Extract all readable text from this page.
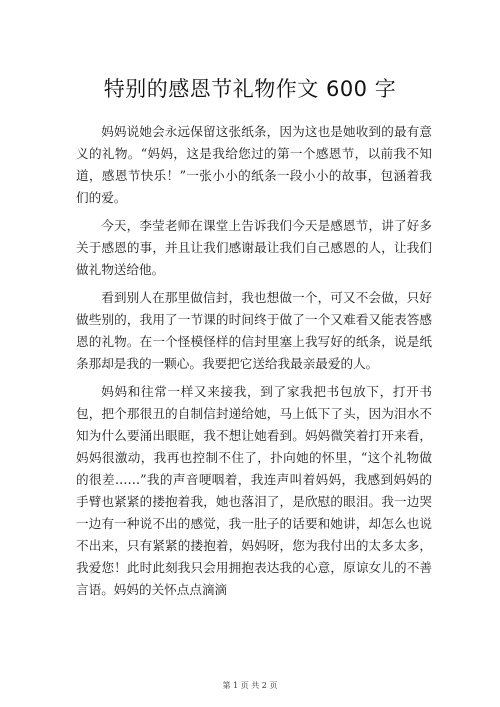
特别的感恩节礼物作文 600 字

妈妈说她会永远保留这张纸条，因为这也是她收到的最有意义的礼物。“妈妈，这是我给您过的第一个感恩节，以前我不知道，感恩节快乐！”一张小小的纸条一段小小的故事，包涵着我们的爱。

今天，李莹老师在课堂上告诉我们今天是感恩节，讲了好多关于感恩的事，并且让我们感谢最让我们自己感恩的人，让我们做礼物送给他。

看到别人在那里做信封，我也想做一个，可又不会做，只好做些别的，我用了一节课的时间终于做了一个又难看又能表答感恩的礼物。在一个怪模怪样的信封里塞上我写好的纸条，说是纸条那却是我的一颗心。我要把它送给我最亲最爱的人。

妈妈和往常一样又来接我，到了家我把书包放下，打开书包，把个那很丑的自制信封递给她，马上低下了头，因为泪水不知为什么要涌出眼眶，我不想让她看到。妈妈微笑着打开来看，妈妈很激动，我再也控制不住了，扑向她的怀里，“这个礼物做的很差……”我的声音哽咽着，我连声叫着妈妈，我感到妈妈的手臂也紧紧的搂抱着我，她也落泪了，是欣慰的眼泪。我一边哭一边有一种说不出的感觉，我一肚子的话要和她讲，却怎么也说不出来，只有紧紧的搂抱着，妈妈呀，您为我付出的太多太多，我爱您！此时此刻我只会用拥抱表达我的心意，原谅女儿的不善言语。妈妈的关怀点点滴滴

第 1 页 共 2 页
